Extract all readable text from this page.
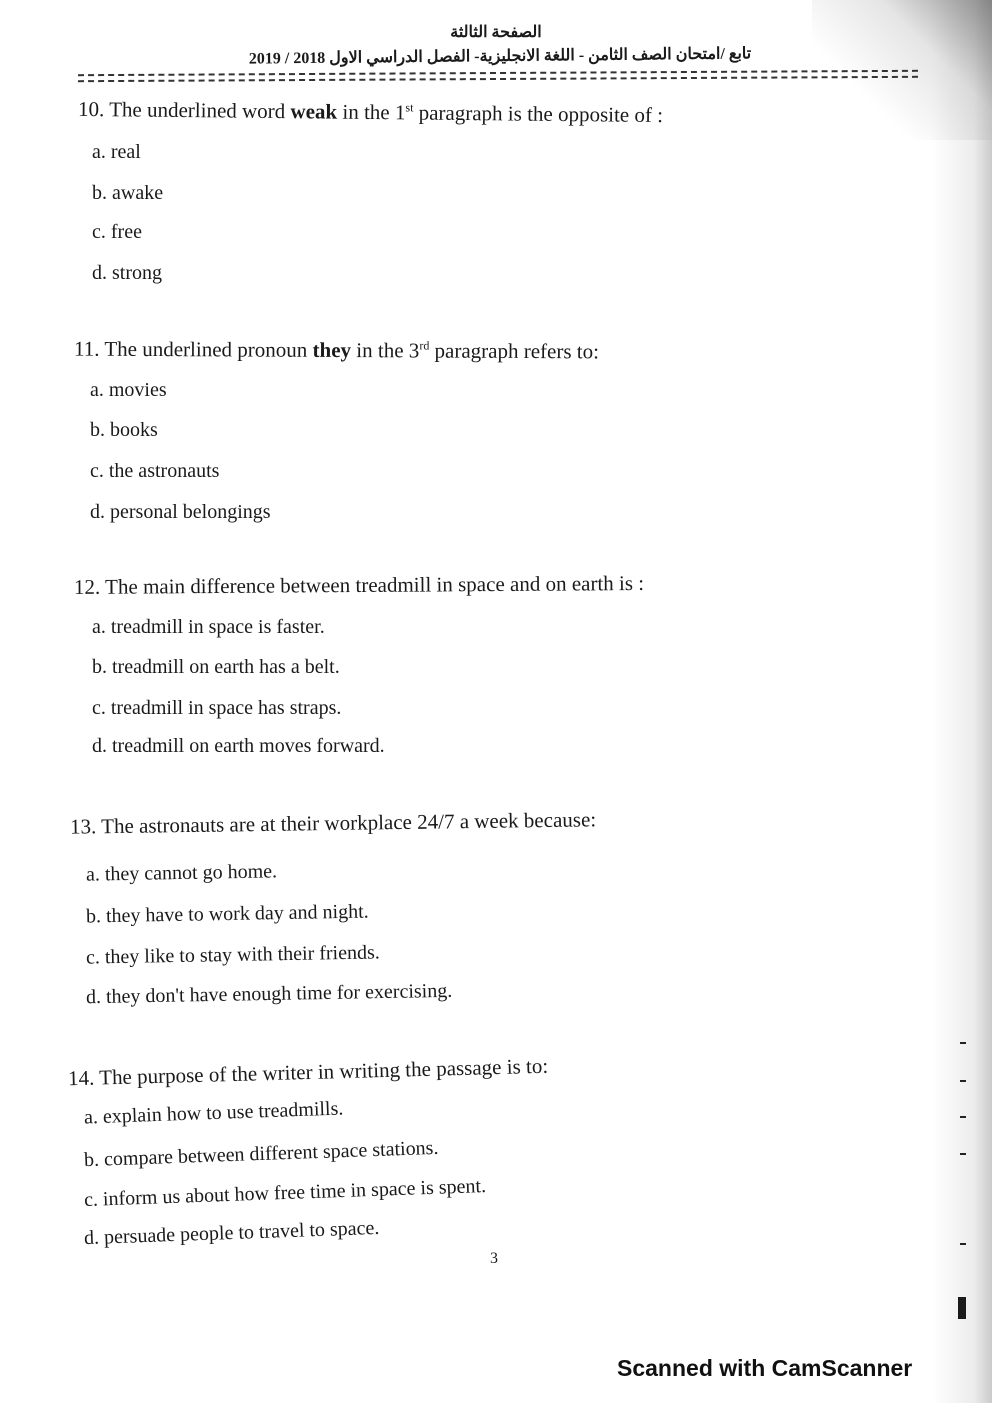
الصفحة الثالثة
تابع /امتحان الصف الثامن - اللغة الانجليزية- الفصل الدراسي الاول 2018 / 2019
10. The underlined word weak in the 1st paragraph is the opposite of :
a. real
b. awake
c. free
d. strong
11. The underlined pronoun they in the 3rd paragraph refers to:
a. movies
b. books
c. the astronauts
d. personal belongings
12. The main difference between treadmill in space and on earth is :
a. treadmill in space is faster.
b. treadmill on earth has a belt.
c. treadmill in space has straps.
d. treadmill on earth moves forward.
13. The astronauts are at their workplace 24/7 a week because:
a. they cannot go home.
b. they have to work day and night.
c. they like to stay with their friends.
d. they don't have enough time for exercising.
14. The purpose of the writer in writing the passage is to:
a. explain how to use treadmills.
b. compare between different space stations.
c. inform us about how free time in space is spent.
d. persuade people to travel to space.
3
Scanned with CamScanner
